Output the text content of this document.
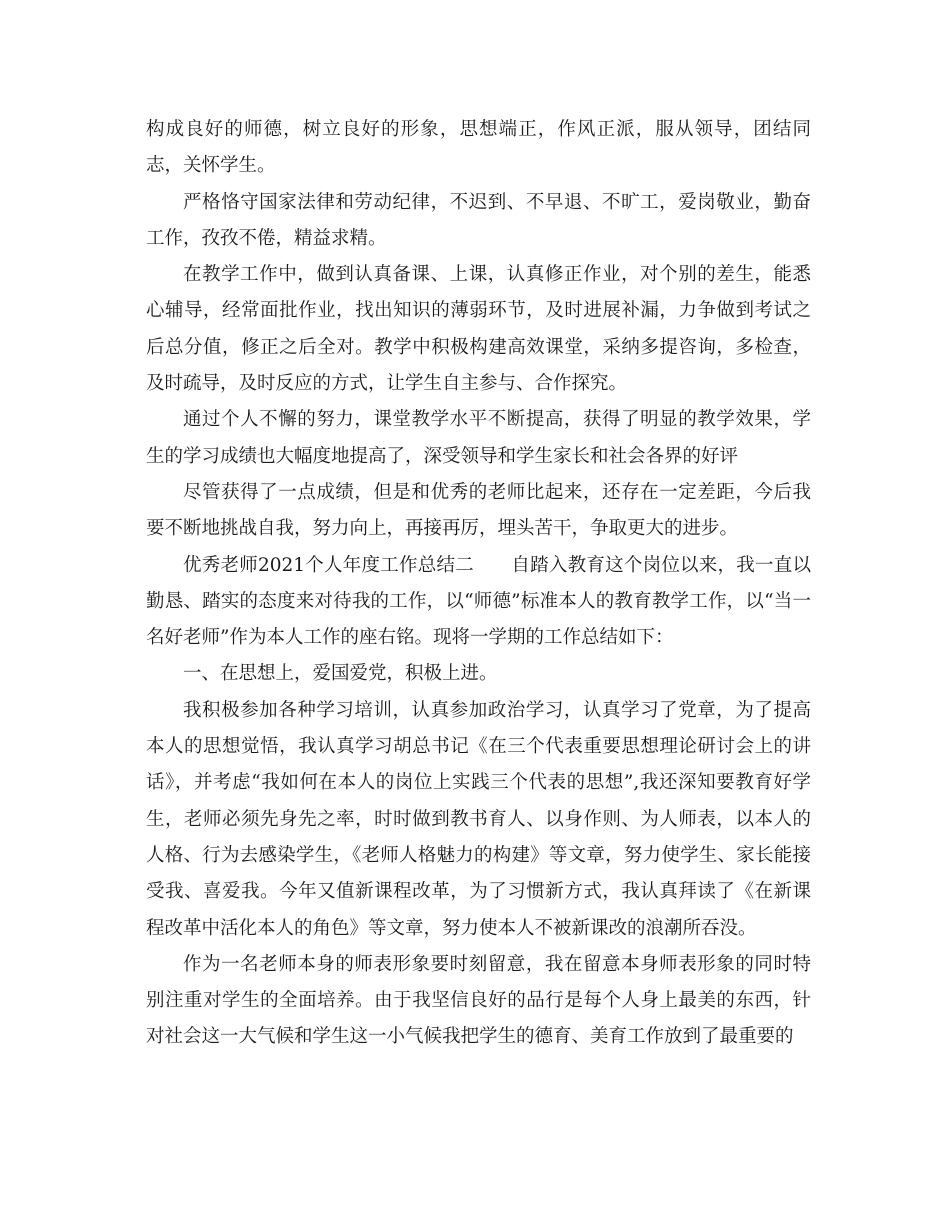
构成良好的师德，树立良好的形象，思想端正，作风正派，服从领导，团结同志，关怀学生。

严格恪守国家法律和劳动纪律，不迟到、不早退、不旷工，爱岗敬业，勤奋工作，孜孜不倦，精益求精。

在教学工作中，做到认真备课、上课，认真修正作业，对个别的差生，能悉心辅导，经常面批作业，找出知识的薄弱环节，及时进展补漏，力争做到考试之后总分值，修正之后全对。教学中积极构建高效课堂，采纳多提咨询，多检查，及时疏导，及时反应的方式，让学生自主参与、合作探究。

通过个人不懈的努力，课堂教学水平不断提高，获得了明显的教学效果，学生的学习成绩也大幅度地提高了，深受领导和学生家长和社会各界的好评

尽管获得了一点成绩，但是和优秀的老师比起来，还存在一定差距，今后我要不断地挑战自我，努力向上，再接再厉，埋头苦干，争取更大的进步。

优秀老师2021个人年度工作总结二　　自踏入教育这个岗位以来，我一直以勤恳、踏实的态度来对待我的工作，以“师德”标准本人的教育教学工作，以“当一名好老师”作为本人工作的座右铭。现将一学期的工作总结如下：

一、在思想上，爱国爱党，积极上进。

我积极参加各种学习培训，认真参加政治学习，认真学习了党章，为了提高本人的思想觉悟，我认真学习胡总书记《在三个代表重要思想理论研讨会上的讲话》，并考虑“我如何在本人的岗位上实践三个代表的思想”,我还深知要教育好学生，老师必须先身先之率，时时做到教书育人、以身作则、为人师表，以本人的人格、行为去感染学生，《老师人格魅力的构建》等文章，努力使学生、家长能接受我、喜爱我。今年又值新课程改革，为了习惯新方式，我认真拜读了《在新课程改革中活化本人的角色》等文章，努力使本人不被新课改的浪潮所吞没。

作为一名老师本身的师表形象要时刻留意，我在留意本身师表形象的同时特别注重对学生的全面培养。由于我坚信良好的品行是每个人身上最美的东西，针对社会这一大气候和学生这一小气候我把学生的德育、美育工作放到了最重要的
